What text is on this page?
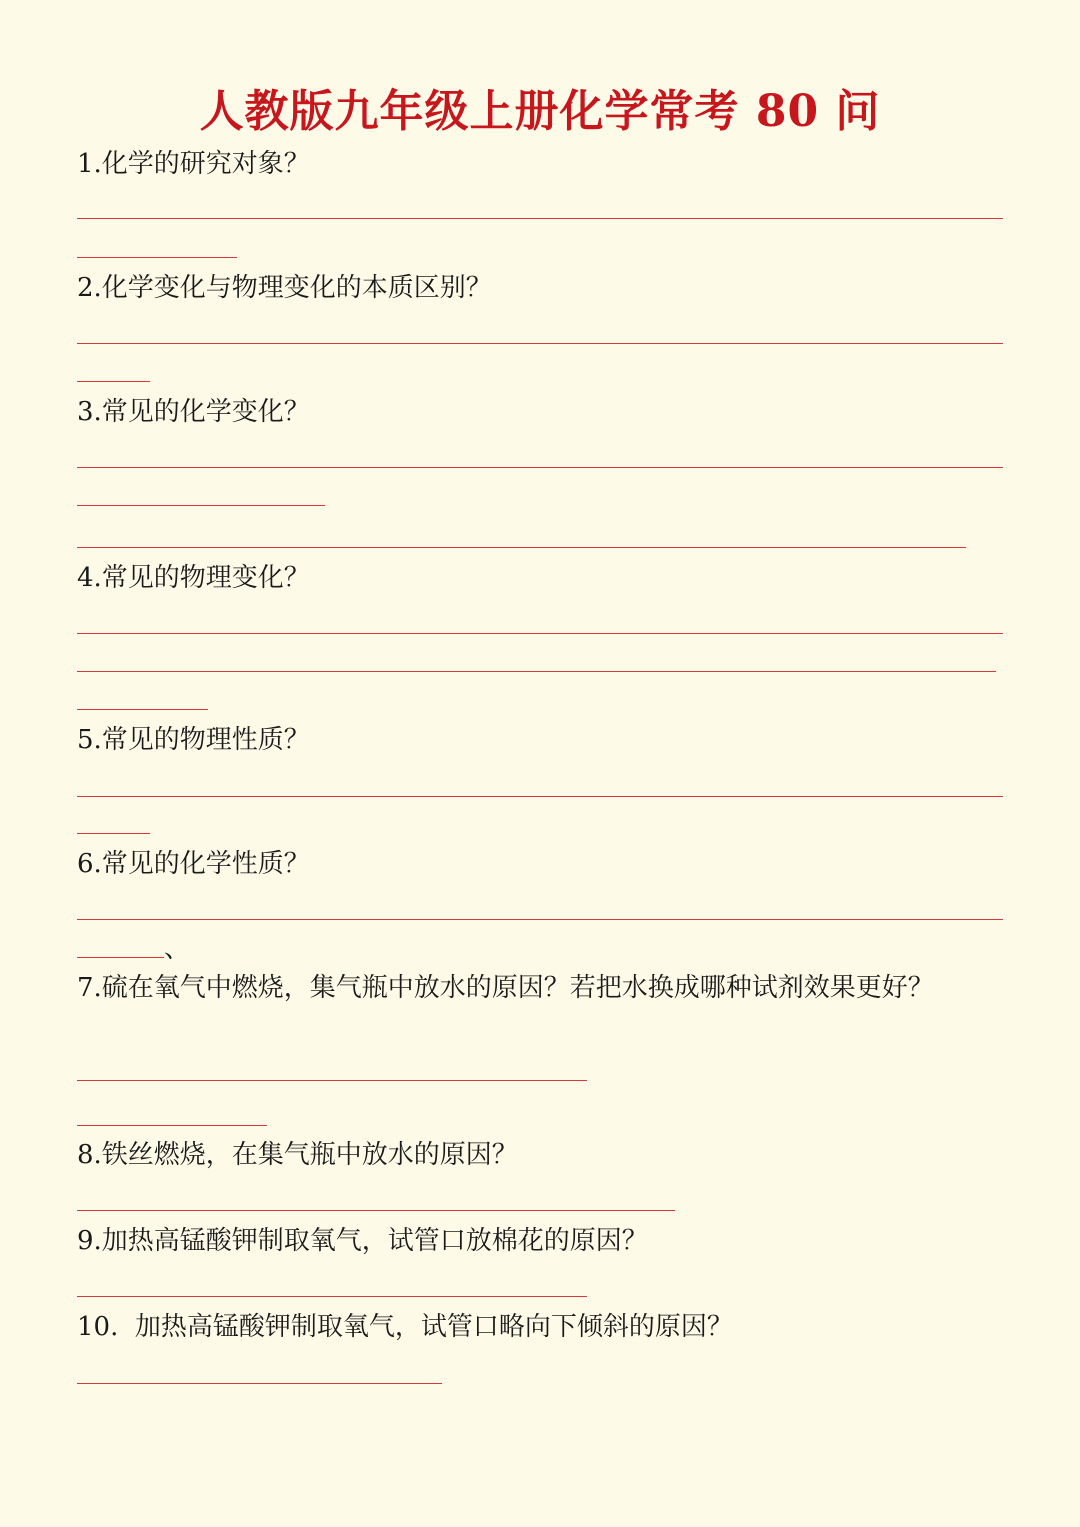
人教版九年级上册化学常考 80 问
1.化学的研究对象？
2.化学变化与物理变化的本质区别？
3.常见的化学变化？
4.常见的物理变化？
5.常见的物理性质？
6.常见的化学性质？
、
7.硫在氧气中燃烧，集气瓶中放水的原因？若把水换成哪种试剂效果更好？
8.铁丝燃烧，在集气瓶中放水的原因？
9.加热高锰酸钾制取氧气，试管口放棉花的原因？
10.  加热高锰酸钾制取氧气，试管口略向下倾斜的原因？
